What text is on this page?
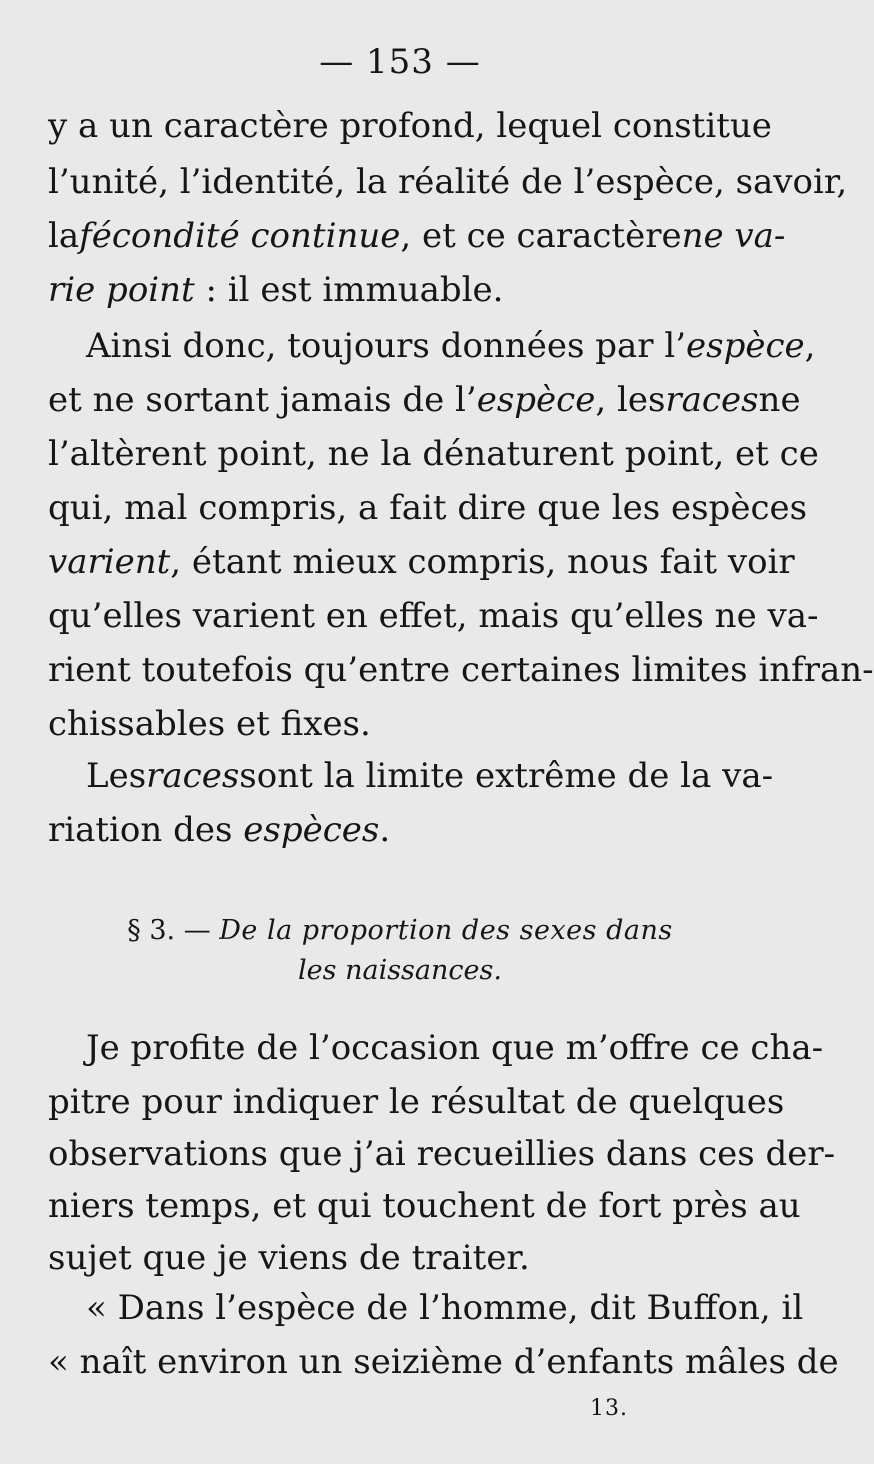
— 153 —
y a un caractère profond, lequel constitue
l’unité, l’identité, la réalité de l’espèce, savoir,
lafécondité continue, et ce caractèrene va-
rie point : il est immuable.
Ainsi donc, toujours données par l’espèce,
et ne sortant jamais de l’espèce, lesracesne
l’altèrent point, ne la dénaturent point, et ce
qui, mal compris, a fait dire que les espèces
varient, étant mieux compris, nous fait voir
qu’elles varient en effet, mais qu’elles ne va-
rient toutefois qu’entre certaines limites infran-
chissables et fixes.
Lesracessont la limite extrême de la va-
riation des espèces.
§ 3. — De la proportion des sexes dans
les naissances.
Je profite de l’occasion que m’offre ce cha-
pitre pour indiquer le résultat de quelques
observations que j’ai recueillies dans ces der-
niers temps, et qui touchent de fort près au
sujet que je viens de traiter.
« Dans l’espèce de l’homme, dit Buffon, il
« naît environ un seizième d’enfants mâles de
13.
